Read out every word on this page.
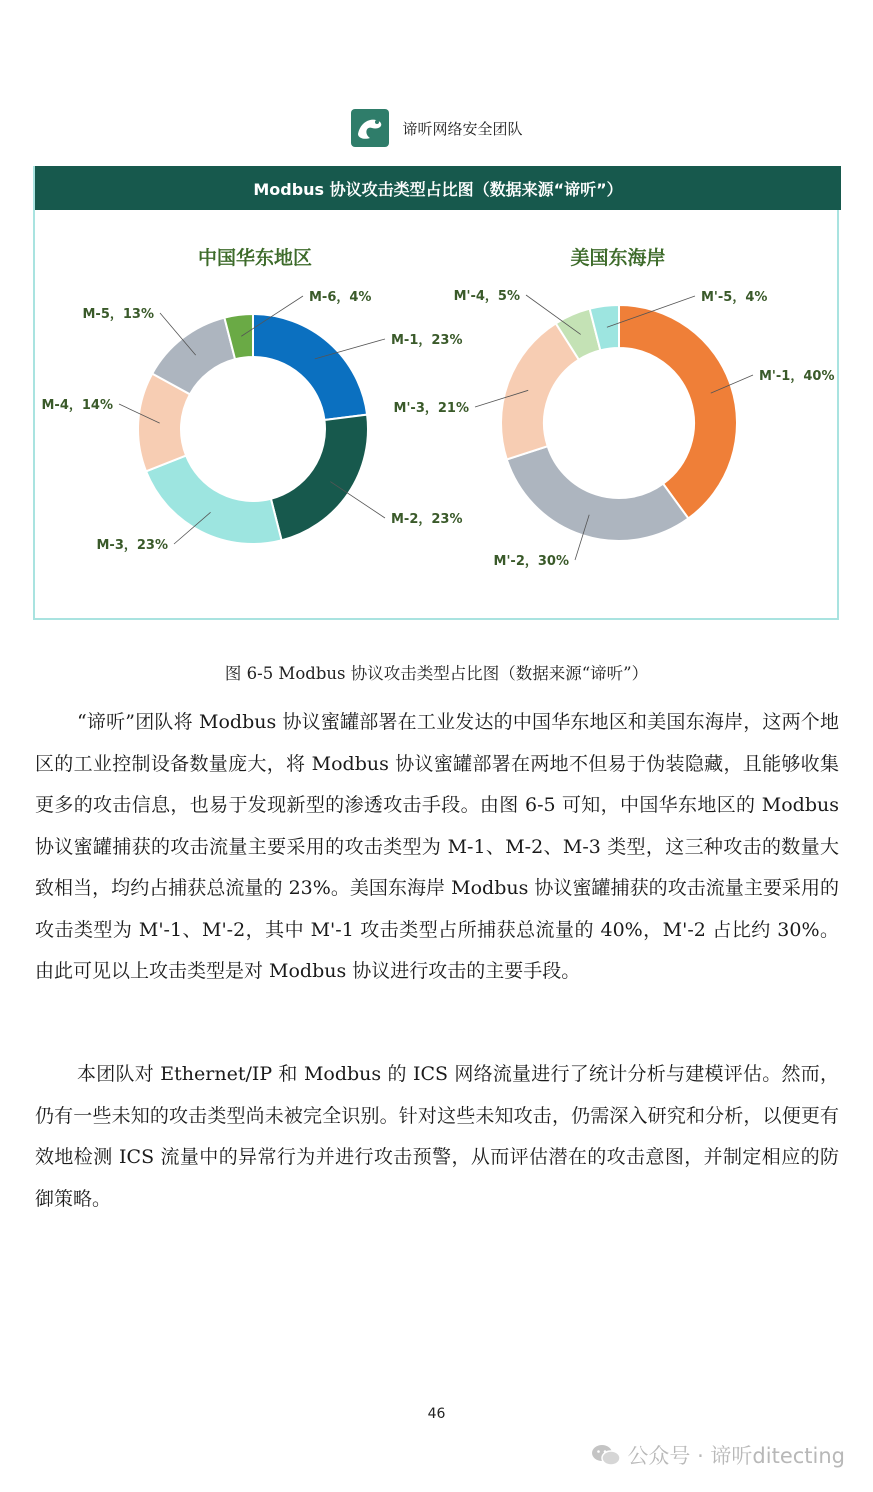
谛听网络安全团队
Modbus 协议攻击类型占比图（数据来源“谛听”）
中国华东地区
M-1，23%
M-2，23%
M-3，23%
M-4，14%
M-5，13%
M-6，4%
美国东海岸
M'-1，40%
M'-2，30%
M'-3，21%
M'-4，5%	M'-5，4%
图 6-5 Modbus 协议攻击类型占比图（数据来源“谛听”）

“谛听”团队将 Modbus 协议蜜罐部署在工业发达的中国华东地区和美国东海岸，这两个地区的工业控制设备数量庞大，将 Modbus 协议蜜罐部署在两地不但易于伪装隐藏，且能够收集更多的攻击信息，也易于发现新型的渗透攻击手段。由图 6-5 可知，中国华东地区的 Modbus 协议蜜罐捕获的攻击流量主要采用的攻击类型为 M-1、M-2、M-3 类型，这三种攻击的数量大致相当，均约占捕获总流量的 23%。美国东海岸 Modbus 协议蜜罐捕获的攻击流量主要采用的攻击类型为 M'-1、M'-2，其中 M'-1 攻击类型占所捕获总流量的 40%，M'-2 占比约 30%。由此可见以上攻击类型是对 Modbus 协议进行攻击的主要手段。

本团队对 Ethernet/IP 和 Modbus 的 ICS 网络流量进行了统计分析与建模评估。然而，仍有一些未知的攻击类型尚未被完全识别。针对这些未知攻击，仍需深入研究和分析，以便更有效地检测 ICS 流量中的异常行为并进行攻击预警，从而评估潜在的攻击意图，并制定相应的防御策略。

46
公众号 · 谛听ditecting
